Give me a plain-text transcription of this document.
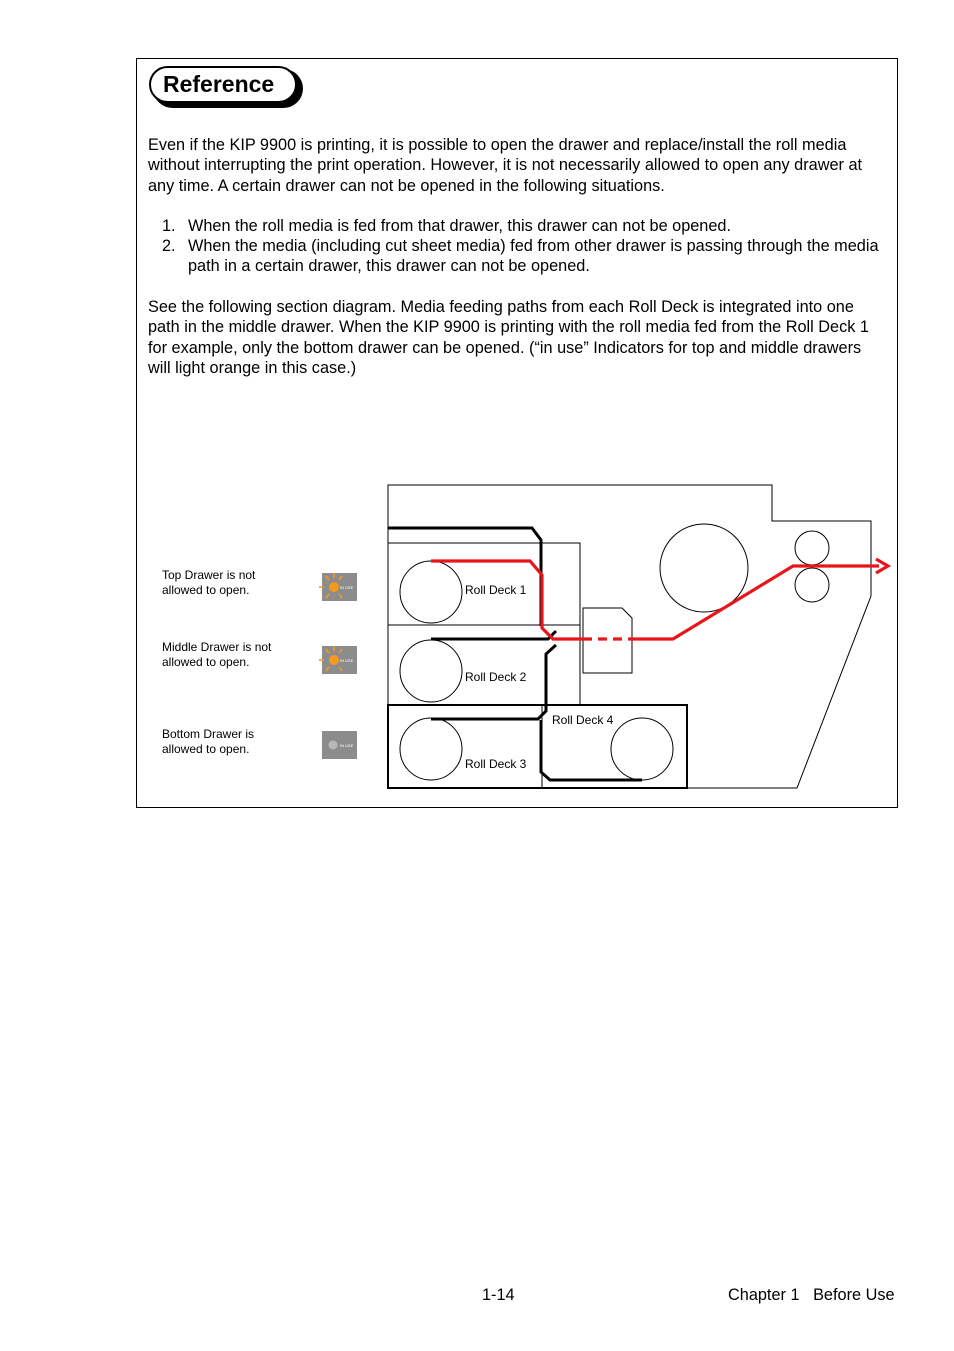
Reference

Even if the KIP 9900 is printing, it is possible to open the drawer and replace/install the roll media without interrupting the print operation. However, it is not necessarily allowed to open any drawer at any time. A certain drawer can not be opened in the following situations.

1. When the roll media is fed from that drawer, this drawer can not be opened.
2. When the media (including cut sheet media) fed from other drawer is passing through the media path in a certain drawer, this drawer can not be opened.

See the following section diagram. Media feeding paths from each Roll Deck is integrated into one path in the middle drawer. When the KIP 9900 is printing with the roll media fed from the Roll Deck 1 for example, only the bottom drawer can be opened. (“in use” Indicators for top and middle drawers will light orange in this case.)

Top Drawer is not
allowed to open.
Middle Drawer is not
allowed to open.
Bottom Drawer is
allowed to open.
IN USE
IN USE
IN USE
Roll Deck 1
Roll Deck 2
Roll Deck 3
Roll Deck 4
1-14	Chapter 1   Before Use
